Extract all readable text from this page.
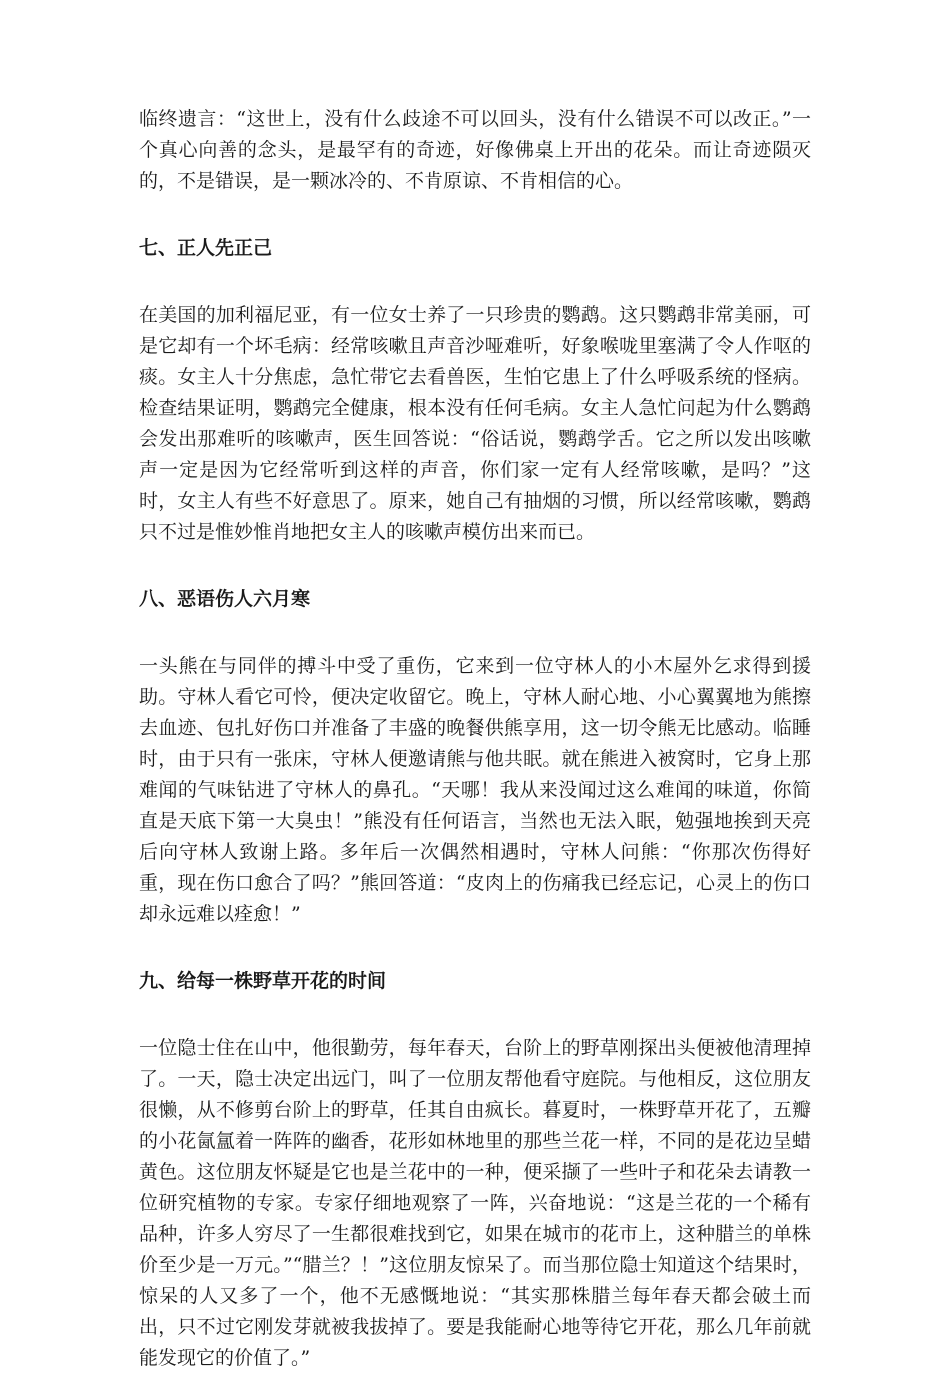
临终遗言：“这世上，没有什么歧途不可以回头，没有什么错误不可以改正。”一个真心向善的念头，是最罕有的奇迹，好像佛桌上开出的花朵。而让奇迹陨灭的，不是错误，是一颗冰冷的、不肯原谅、不肯相信的心。

七、正人先正己

在美国的加利福尼亚，有一位女士养了一只珍贵的鹦鹉。这只鹦鹉非常美丽，可是它却有一个坏毛病：经常咳嗽且声音沙哑难听，好象喉咙里塞满了令人作呕的痰。女主人十分焦虑，急忙带它去看兽医，生怕它患上了什么呼吸系统的怪病。检查结果证明，鹦鹉完全健康，根本没有任何毛病。女主人急忙问起为什么鹦鹉会发出那难听的咳嗽声，医生回答说：“俗话说，鹦鹉学舌。它之所以发出咳嗽声一定是因为它经常听到这样的声音，你们家一定有人经常咳嗽，是吗？”这时，女主人有些不好意思了。原来，她自己有抽烟的习惯，所以经常咳嗽，鹦鹉只不过是惟妙惟肖地把女主人的咳嗽声模仿出来而已。

八、恶语伤人六月寒

一头熊在与同伴的搏斗中受了重伤，它来到一位守林人的小木屋外乞求得到援助。守林人看它可怜，便决定收留它。晚上，守林人耐心地、小心翼翼地为熊擦去血迹、包扎好伤口并准备了丰盛的晚餐供熊享用，这一切令熊无比感动。临睡时，由于只有一张床，守林人便邀请熊与他共眠。就在熊进入被窝时，它身上那难闻的气味钻进了守林人的鼻孔。“天哪！我从来没闻过这么难闻的味道，你简直是天底下第一大臭虫！”熊没有任何语言，当然也无法入眠，勉强地挨到天亮后向守林人致谢上路。多年后一次偶然相遇时，守林人问熊：“你那次伤得好重，现在伤口愈合了吗？”熊回答道：“皮肉上的伤痛我已经忘记，心灵上的伤口却永远难以痊愈！”

九、给每一株野草开花的时间

一位隐士住在山中，他很勤劳，每年春天，台阶上的野草刚探出头便被他清理掉了。一天，隐士决定出远门，叫了一位朋友帮他看守庭院。与他相反，这位朋友很懒，从不修剪台阶上的野草，任其自由疯长。暮夏时，一株野草开花了，五瓣的小花氤氲着一阵阵的幽香，花形如林地里的那些兰花一样，不同的是花边呈蜡黄色。这位朋友怀疑是它也是兰花中的一种，便采撷了一些叶子和花朵去请教一位研究植物的专家。专家仔细地观察了一阵，兴奋地说：“这是兰花的一个稀有品种，许多人穷尽了一生都很难找到它，如果在城市的花市上，这种腊兰的单株价至少是一万元。”“腊兰？！”这位朋友惊呆了。而当那位隐士知道这个结果时，惊呆的人又多了一个，他不无感慨地说：“其实那株腊兰每年春天都会破土而出，只不过它刚发芽就被我拔掉了。要是我能耐心地等待它开花，那么几年前就能发现它的价值了。”
